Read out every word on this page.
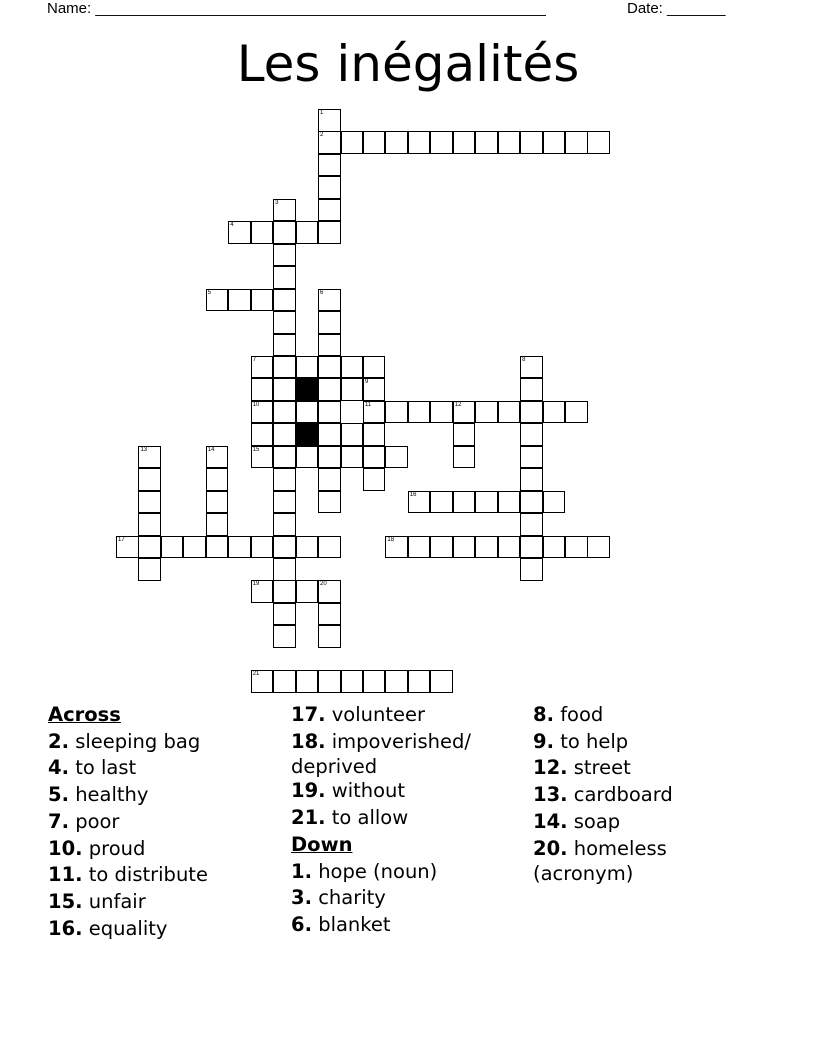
Name: ______________________________________________________

	Date: _______

Les inégalités
1
2
3
4
5	6
7	8
9
11
10	12
13	14	15
16
17	18
19	20
21
Across
2. sleeping bag
4. to last
5. healthy
7. poor
10. proud
11. to distribute
15. unfair
16. equality
17. volunteer
18. impoverished/
deprived
19. without
21. to allow
Down
1. hope (noun)
3. charity
6. blanket
8. food
9. to help
12. street
13. cardboard
14. soap
20. homeless
(acronym)
